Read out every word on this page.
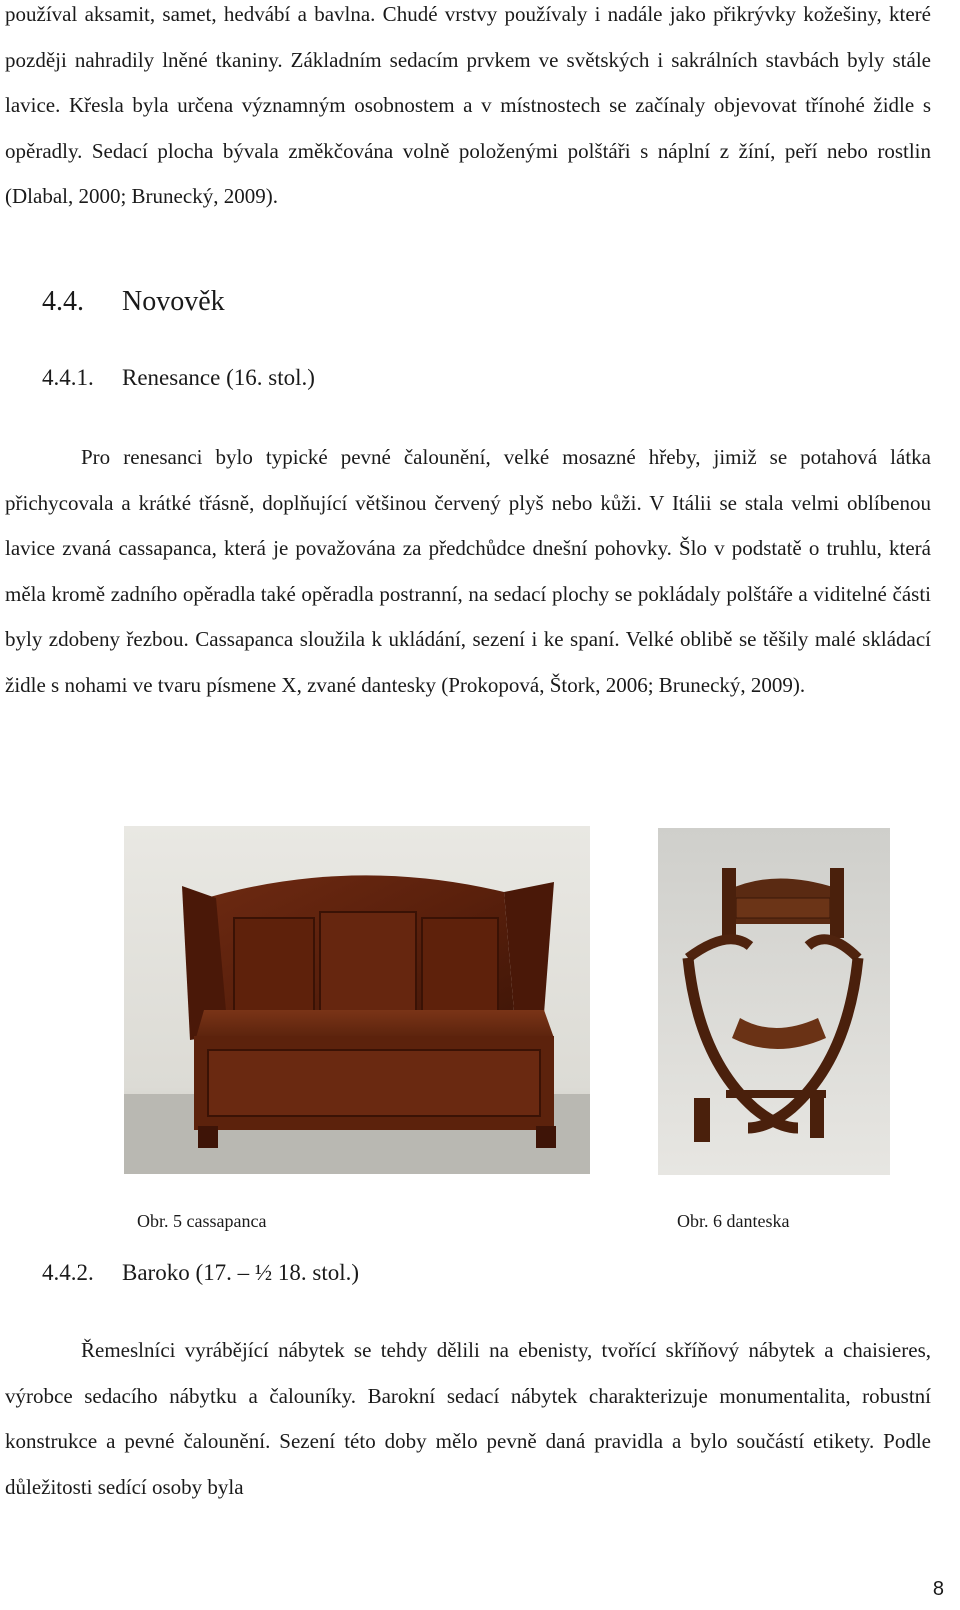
používal aksamit, samet, hedvábí a bavlna. Chudé vrstvy používaly i nadále jako přikrývky kožešiny, které později nahradily lněné tkaniny. Základním sedacím prvkem ve světských i sakrálních stavbách byly stále lavice. Křesla byla určena významným osobnostem a v místnostech se začínaly objevovat třínohé židle s opěradly. Sedací plocha bývala změkčována volně položenými polštáři s náplní z žíní, peří nebo rostlin (Dlabal, 2000; Brunecký, 2009).

4.4. Novověk
4.4.1. Renesance (16. stol.)

Pro renesanci bylo typické pevné čalounění, velké mosazné hřeby, jimiž se potahová látka přichycovala a krátké třásně, doplňující většinou červený plyš nebo kůži. V Itálii se stala velmi oblíbenou lavice zvaná cassapanca, která je považována za předchůdce dnešní pohovky. Šlo v podstatě o truhlu, která měla kromě zadního opěradla také opěradla postranní, na sedací plochy se pokládaly polštáře a viditelné části byly zdobeny řezbou. Cassapanca sloužila k ukládání, sezení i ke spaní. Velké oblibě se těšily malé skládací židle s nohami ve tvaru písmene X, zvané dantesky (Prokopová, Štork, 2006; Brunecký, 2009).

Obr. 5 cassapanca	Obr. 6 danteska

4.4.2. Baroko (17. – ½ 18. stol.)

Řemeslníci vyrábějící nábytek se tehdy dělili na ebenisty, tvořící skříňový nábytek a chaisieres, výrobce sedacího nábytku a čalouníky. Barokní sedací nábytek charakterizuje monumentalita, robustní konstrukce a pevné čalounění. Sezení této doby mělo pevně daná pravidla a bylo součástí etikety. Podle důležitosti sedící osoby byla

8
